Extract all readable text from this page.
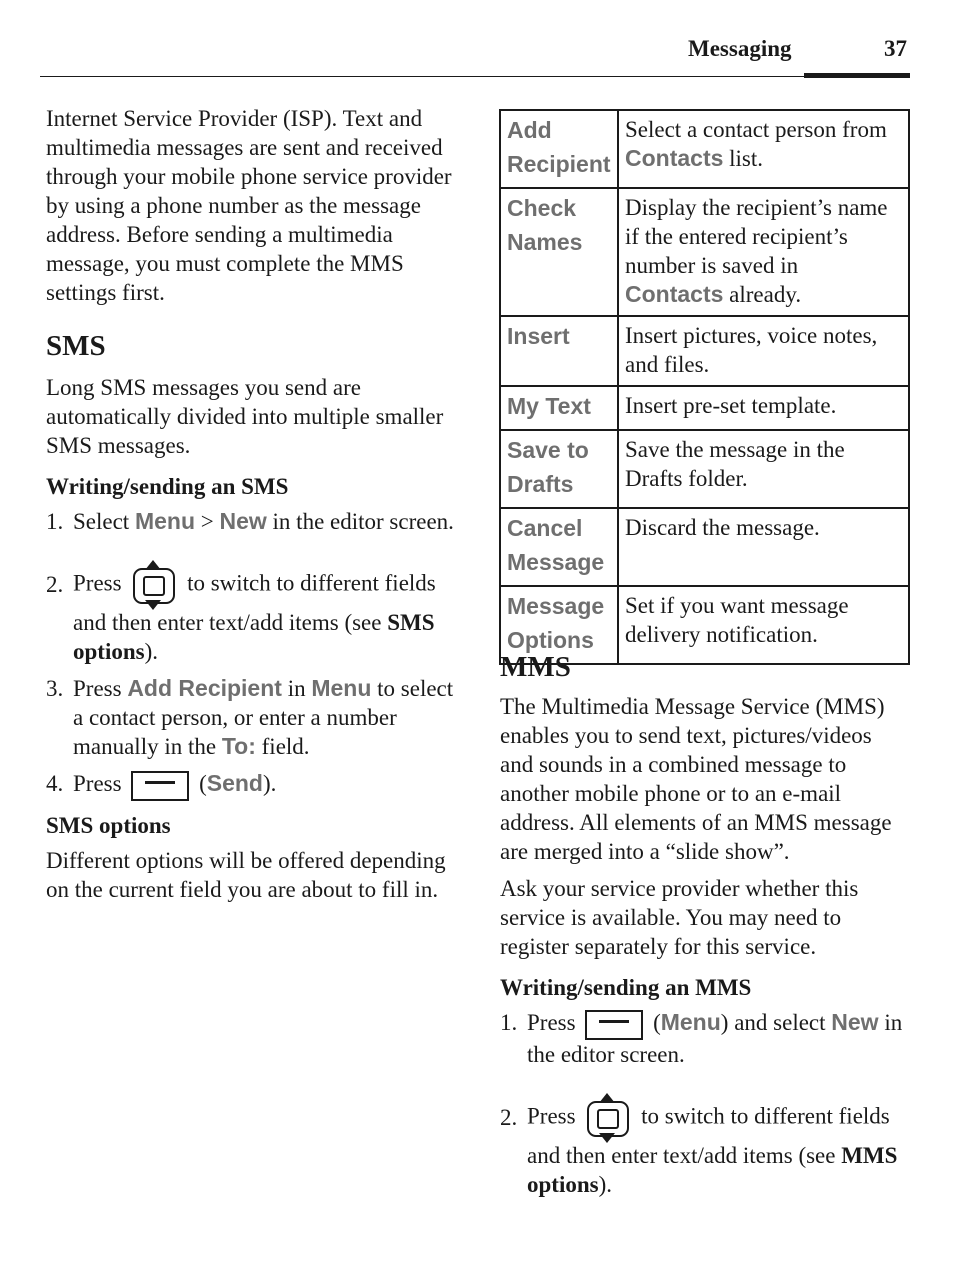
Messaging	37

Internet Service Provider (ISP). Text and multimedia messages are sent and received through your mobile phone service provider by using a phone number as the message address. Before sending a multimedia message, you must complete the MMS settings first.

SMS

Long SMS messages you send are automatically divided into multiple smaller SMS messages.

Writing/sending an SMS
1. Select Menu > New in the editor screen.
2. Press
to switch to different fields and then enter text/add items (see SMS options).
3. Press Add Recipient in Menu to select a contact person, or enter a number manually in the To: field.
4. Press	(Send).
SMS options

Different options will be offered depending on the current field you are about to fill in.

Add Recipient	Select a contact person from Contacts list.
Check Names	Display the recipient’s name if the entered recipient’s number is saved in Contacts already.
Insert	Insert pictures, voice notes, and files.
My Text	Insert pre-set template.
Save to Drafts	Save the message in the Drafts folder.
Cancel Message	Discard the message.
Message Options	Set if you want message delivery notification.
MMS

The Multimedia Message Service (MMS) enables you to send text, pictures/videos and sounds in a combined message to another mobile phone or to an e-mail address. All elements of an MMS message are merged into a “slide show”.

Ask your service provider whether this service is available. You may need to register separately for this service.

Writing/sending an MMS
1. Press	(Menu) and select New in the editor screen.
2. Press
to switch to different fields and then enter text/add items (see MMS options).
